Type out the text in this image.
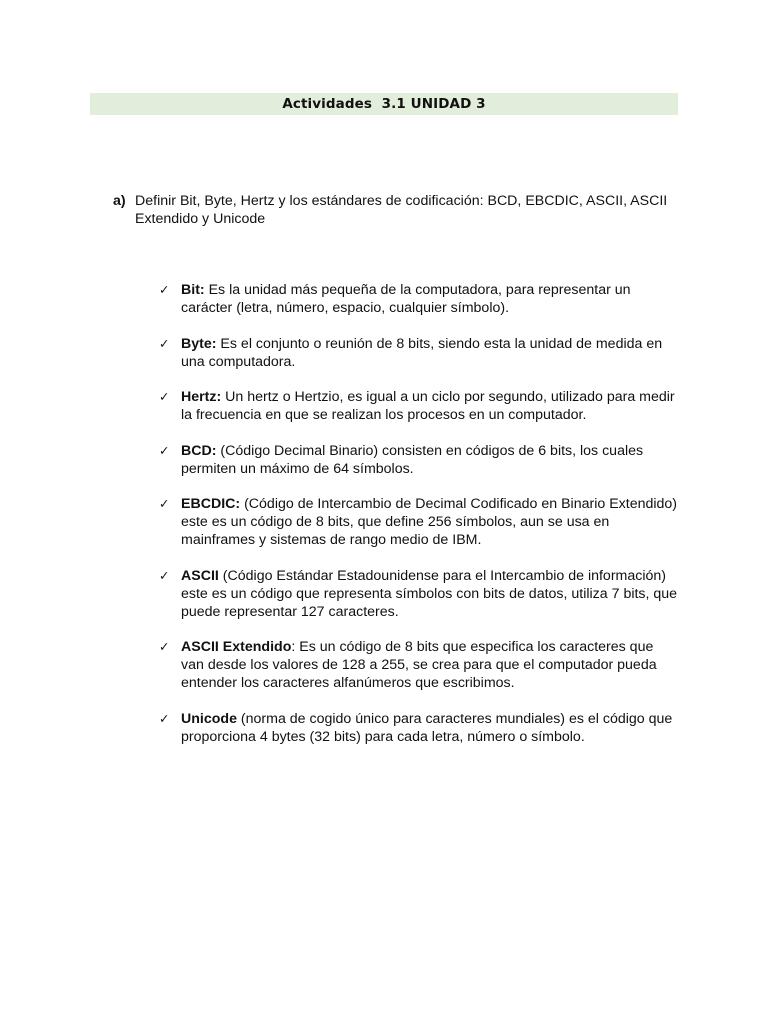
Actividades  3.1 UNIDAD 3
a) Definir Bit, Byte, Hertz y los estándares de codificación: BCD, EBCDIC, ASCII, ASCII Extendido y Unicode
✓ Bit: Es la unidad más pequeña de la computadora, para representar un carácter (letra, número, espacio, cualquier símbolo).
✓ Byte: Es el conjunto o reunión de 8 bits, siendo esta la unidad de medida en una computadora.
✓ Hertz: Un hertz o Hertzio, es igual a un ciclo por segundo, utilizado para medir la frecuencia en que se realizan los procesos en un computador.
✓ BCD: (Código Decimal Binario) consisten en códigos de 6 bits, los cuales permiten un máximo de 64 símbolos.
✓ EBCDIC: (Código de Intercambio de Decimal Codificado en Binario Extendido) este es un código de 8 bits, que define 256 símbolos, aun se usa en mainframes y sistemas de rango medio de IBM.
✓ ASCII (Código Estándar Estadounidense para el Intercambio de información) este es un código que representa símbolos con bits de datos, utiliza 7 bits, que puede representar 127 caracteres.
✓ ASCII Extendido: Es un código de 8 bits que especifica los caracteres que van desde los valores de 128 a 255, se crea para que el computador pueda entender los caracteres alfanúmeros que escribimos.
✓ Unicode (norma de cogido único para caracteres mundiales) es el código que proporciona 4 bytes (32 bits) para cada letra, número o símbolo.
